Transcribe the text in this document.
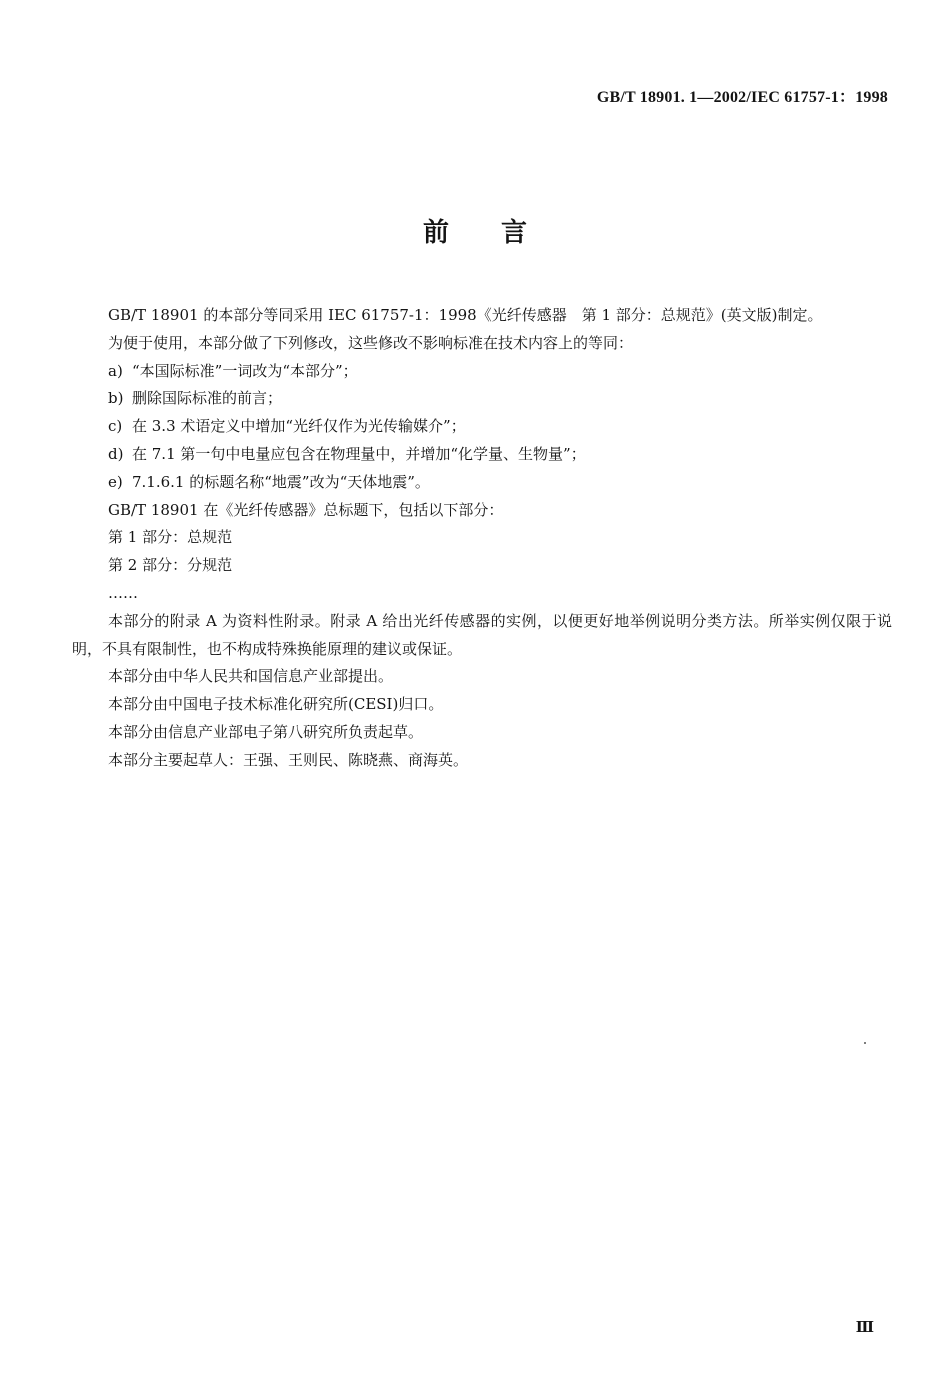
GB/T 18901. 1—2002/IEC 61757-1：1998
前言

GB/T 18901 的本部分等同采用 IEC 61757-1：1998《光纤传感器　第 1 部分：总规范》(英文版)制定。

为便于使用，本部分做了下列修改，这些修改不影响标准在技术内容上的等同：

a) “本国际标准”一词改为“本部分”；

b) 删除国际标准的前言；

c) 在 3.3 术语定义中增加“光纤仅作为光传输媒介”；

d) 在 7.1 第一句中电量应包含在物理量中，并增加“化学量、生物量”；

e) 7.1.6.1 的标题名称“地震”改为“天体地震”。

GB/T 18901 在《光纤传感器》总标题下，包括以下部分：

第 1 部分：总规范

第 2 部分：分规范

……

本部分的附录 A 为资料性附录。附录 A 给出光纤传感器的实例，以便更好地举例说明分类方法。所举实例仅限于说明，不具有限制性，也不构成特殊换能原理的建议或保证。

本部分由中华人民共和国信息产业部提出。

本部分由中国电子技术标准化研究所(CESI)归口。

本部分由信息产业部电子第八研究所负责起草。

本部分主要起草人：王强、王则民、陈晓燕、商海英。

Ⅲ
